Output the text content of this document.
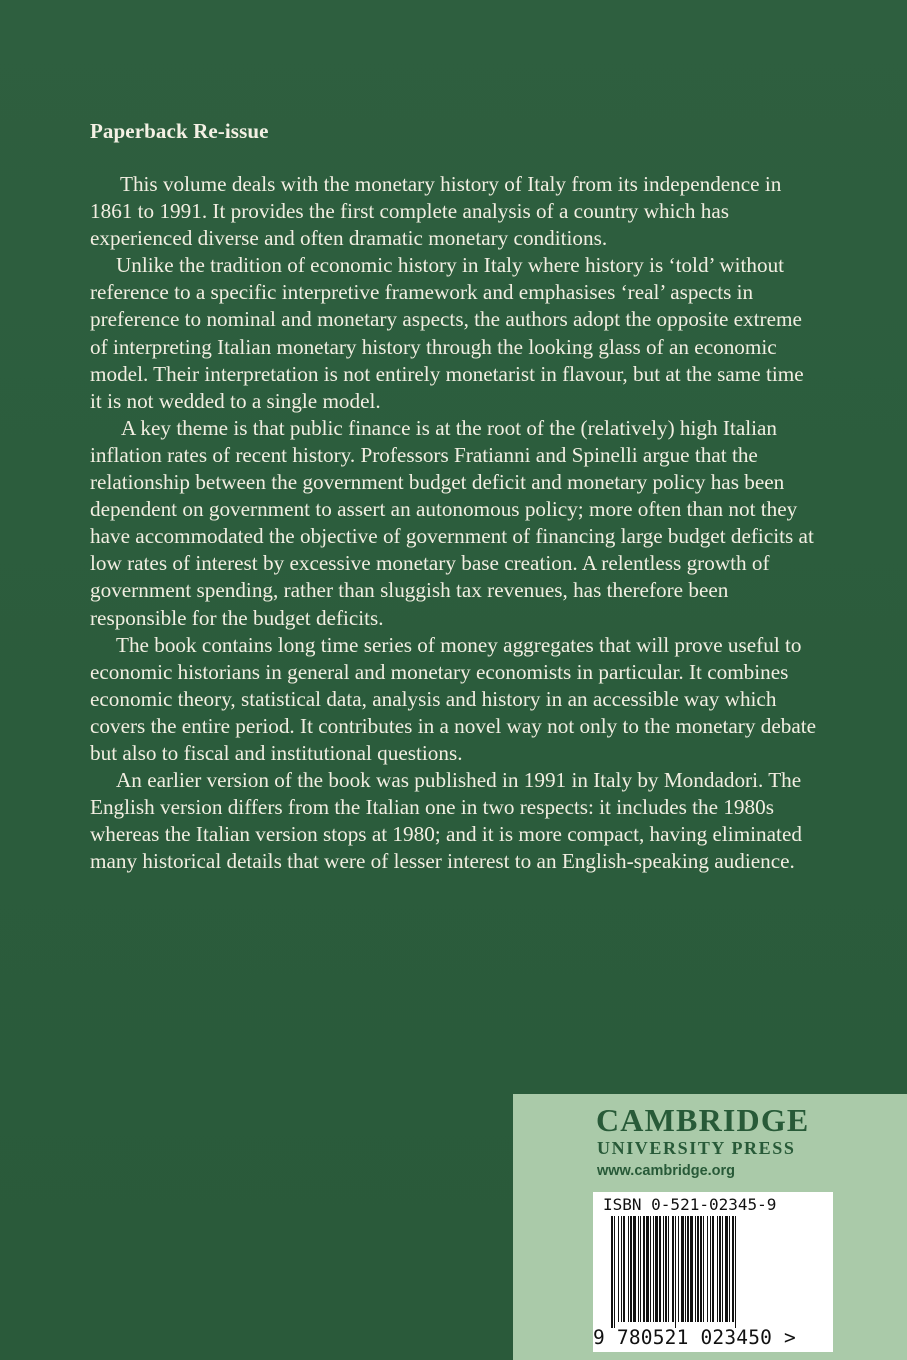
Paperback Re-issue

This volume deals with the monetary history of Italy from its independence in 1861 to 1991. It provides the first complete analysis of a country which has experienced diverse and often dramatic monetary conditions.

Unlike the tradition of economic history in Italy where history is ‘told’ without reference to a specific interpretive framework and emphasises ‘real’ aspects in preference to nominal and monetary aspects, the authors adopt the opposite extreme of interpreting Italian monetary history through the looking glass of an economic model. Their interpretation is not entirely monetarist in flavour, but at the same time it is not wedded to a single model.

A key theme is that public finance is at the root of the (relatively) high Italian inflation rates of recent history. Professors Fratianni and Spinelli argue that the relationship between the government budget deficit and monetary policy has been dependent on government to assert an autonomous policy; more often than not they have accommodated the objective of government of financing large budget deficits at low rates of interest by excessive monetary base creation. A relentless growth of government spending, rather than sluggish tax revenues, has therefore been responsible for the budget deficits.

The book contains long time series of money aggregates that will prove useful to economic historians in general and monetary economists in particular. It combines economic theory, statistical data, analysis and history in an accessible way which covers the entire period. It contributes in a novel way not only to the monetary debate but also to fiscal and institutional questions.

An earlier version of the book was published in 1991 in Italy by Mondadori. The English version differs from the Italian one in two respects: it includes the 1980s whereas the Italian version stops at 1980; and it is more compact, having eliminated many historical details that were of lesser interest to an English-speaking audience.

CAMBRIDGE
UNIVERSITY PRESS
www.cambridge.org
ISBN 0-521-02345-9
9 780521 023450 >
